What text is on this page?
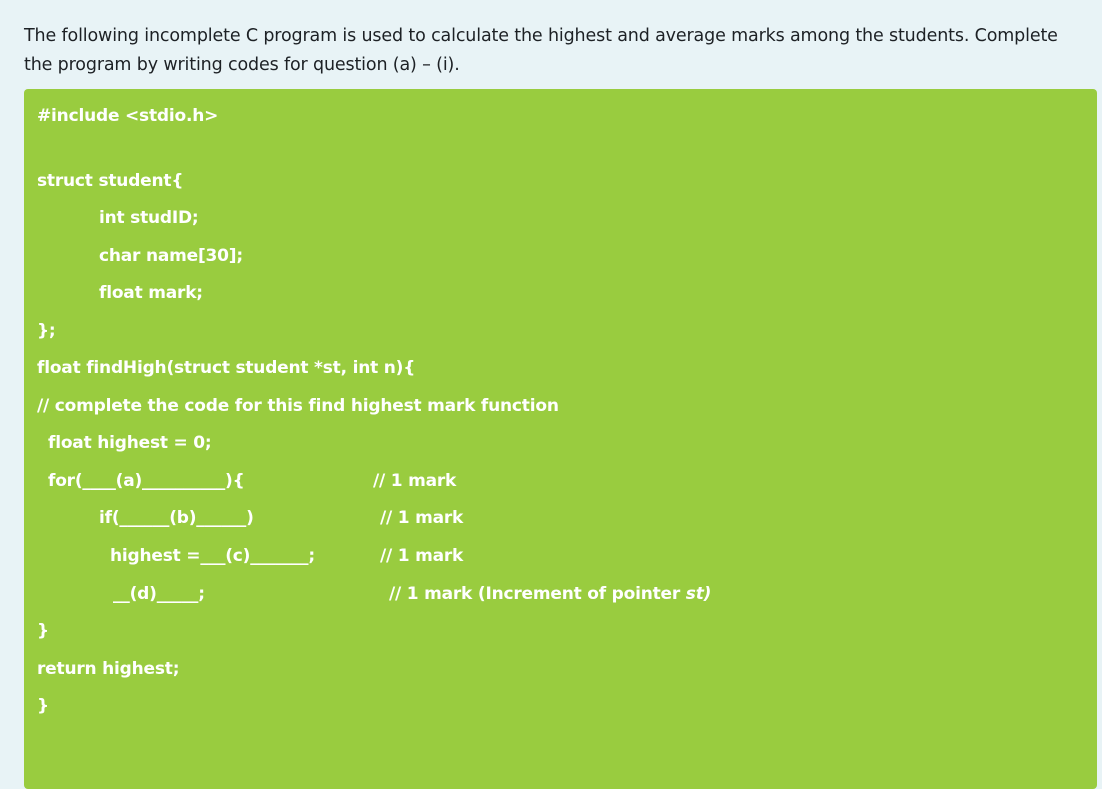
The following incomplete C program is used to calculate the highest and average marks among the students. Complete the program by writing codes for question (a) – (i).
#include <stdio.h>
struct student{
int studID;
char name[30];
float mark;
};
float findHigh(struct student *st, int n){
// complete the code for this find highest mark function
float highest = 0;
for(____(a)__________){	// 1 mark
if(______(b)______)	// 1 mark
highest =___(c)_______;	// 1 mark
__(d)_____;	// 1 mark (Increment of pointer st)
}
return highest;
}
